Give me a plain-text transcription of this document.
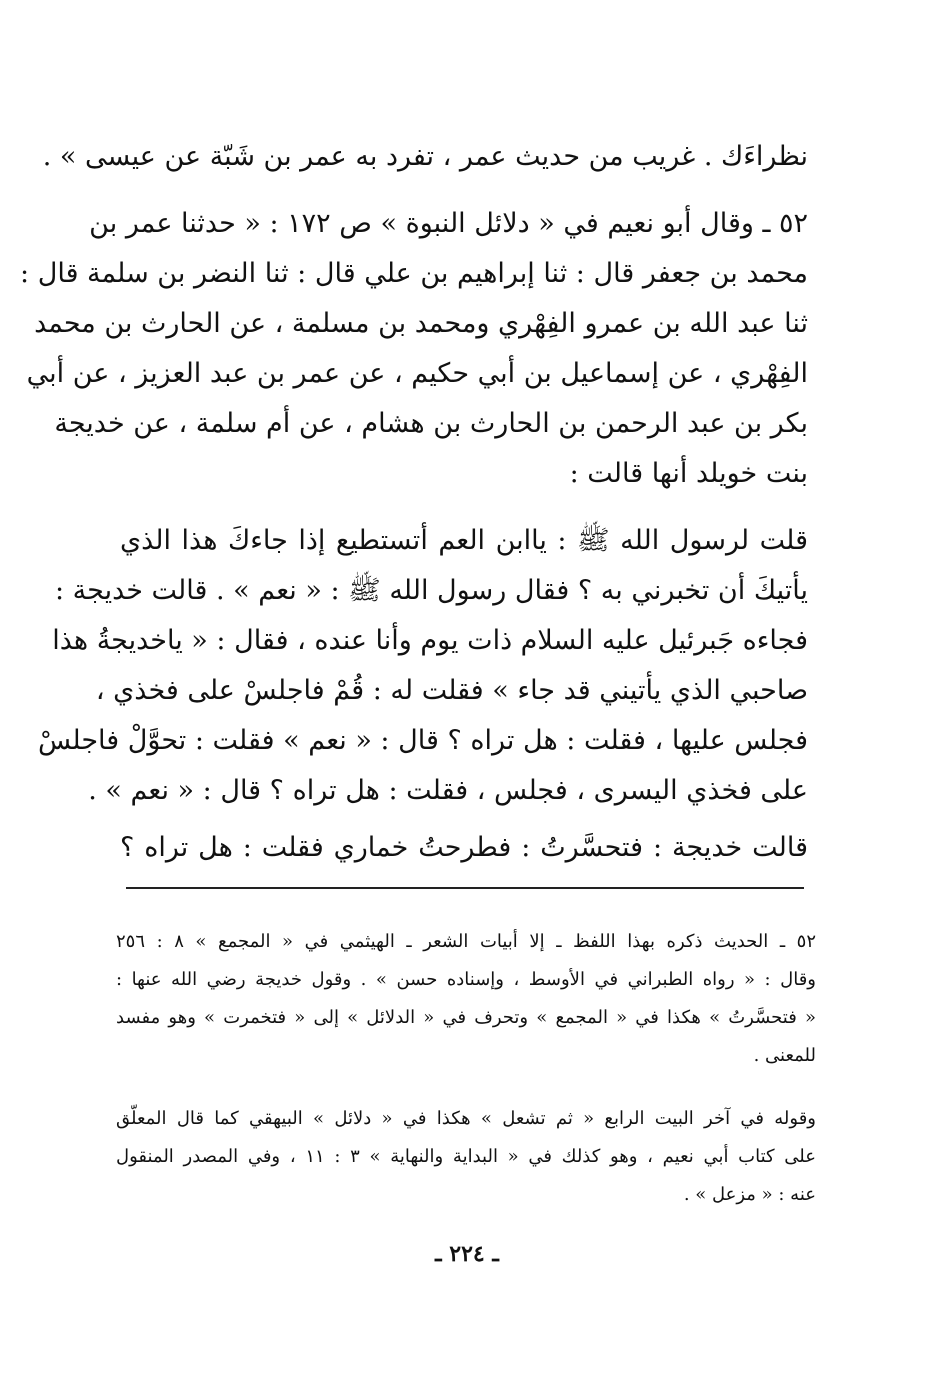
نظراءَك . غريب من حديث عمر ، تفرد به عمر بن شَبّة عن عيسى » .
٥٢ ـ وقال أبو نعيم في « دلائل النبوة » ص ١٧٢ : « حدثنا عمر بن
محمد بن جعفر قال : ثنا إبراهيم بن علي قال : ثنا النضر بن سلمة قال :
ثنا عبد الله بن عمرو الفِهْري ومحمد بن مسلمة ، عن الحارث بن محمد
الفِهْري ، عن إسماعيل بن أبي حكيم ، عن عمر بن عبد العزيز ، عن أبي
بكر بن عبد الرحمن بن الحارث بن هشام ، عن أم سلمة ، عن خديجة
بنت خويلد أنها قالت :
قلت لرسول الله ﷺ : ياابن العم أتستطيع إذا جاءكَ هذا الذي
يأتيكَ أن تخبرني به ؟ فقال رسول الله ﷺ : « نعم » . قالت خديجة :
فجاءه جَبرئيل عليه السلام ذات يوم وأنا عنده ، فقال : « ياخديجةُ هذا
صاحبي الذي يأتيني قد جاء » فقلت له : قُمْ فاجلسْ على فخذي ،
فجلس عليها ، فقلت : هل تراه ؟ قال : « نعم » فقلت : تحوَّلْ فاجلسْ
على فخذي اليسرى ، فجلس ، فقلت : هل تراه ؟ قال : « نعم » .
قالت خديجة : فتحسَّرتُ : فطرحتُ خماري فقلت : هل تراه ؟
٥٢ ـ الحديث ذكره بهذا اللفظ ـ إلا أبيات الشعر ـ الهيثمي في « المجمع » ٨ : ٢٥٦
وقال : « رواه الطبراني في الأوسط ، وإسناده حسن » . وقول خديجة رضي الله عنها :
« فتحسَّرتُ » هكذا في « المجمع » وتحرف في « الدلائل » إلى « فتخمرت » وهو مفسد
للمعنى .
وقوله في آخر البيت الرابع « ثم تشعل » هكذا في « دلائل » البيهقي كما قال المعلّق
على كتاب أبي نعيم ، وهو كذلك في « البداية والنهاية » ٣ : ١١ ، وفي المصدر المنقول
عنه : « مزعل » .
ـ ٢٢٤ ـ
